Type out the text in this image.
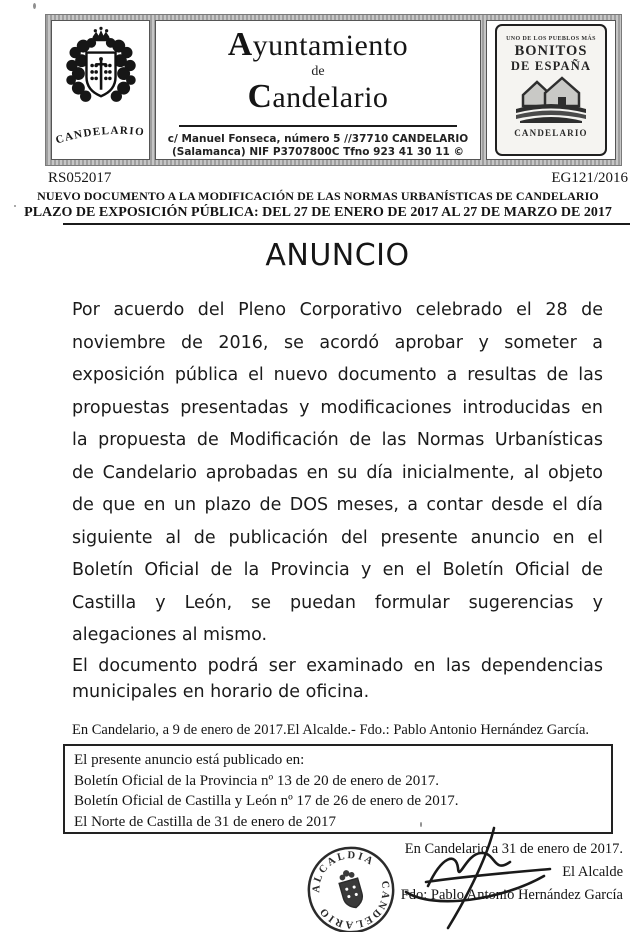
CANDELARIO
Ayuntamiento
de
Candelario
c/ Manuel Fonseca, número 5 //37710 CANDELARIO
(Salamanca) NIF P3707800C Tfno 923 41 30 11 ©
UNO DE LOS PUEBLOS MÁS
BONITOS
DE ESPAÑA
CANDELARIO
RS052017	EG121/2016
NUEVO DOCUMENTO A LA MODIFICACIÓN DE LAS NORMAS URBANÍSTICAS DE CANDELARIO
PLAZO DE EXPOSICIÓN PÚBLICA: DEL 27 DE ENERO DE 2017 AL 27 DE MARZO DE 2017
ANUNCIO
Por acuerdo del Pleno Corporativo celebrado el 28 de
noviembre de 2016, se acordó aprobar y someter a
exposición pública el nuevo documento a resultas de las
propuestas presentadas y modificaciones introducidas en
la propuesta de Modificación de las Normas Urbanísticas
de Candelario aprobadas en su día inicialmente, al objeto
de que en un plazo de DOS meses, a contar desde el día
siguiente al de publicación del presente anuncio en el
Boletín Oficial de la Provincia y en el Boletín Oficial de
Castilla y León, se puedan formular sugerencias y
alegaciones al mismo.
El documento podrá ser examinado en las dependencias
municipales en horario de oficina.
En Candelario, a 9 de enero de 2017.El Alcalde.- Fdo.: Pablo Antonio Hernández García.
El presente anuncio está publicado en:
Boletín Oficial de la Provincia nº 13 de 20 de enero de 2017.
Boletín Oficial de Castilla y León nº 17 de 26 de enero de 2017.
El Norte de Castilla de 31 de enero de 2017
En Candelario a 31 de enero de 2017.
El Alcalde
Fdo: Pablo Antonio Hernández García
ALCALDIA
CANDELARIO
